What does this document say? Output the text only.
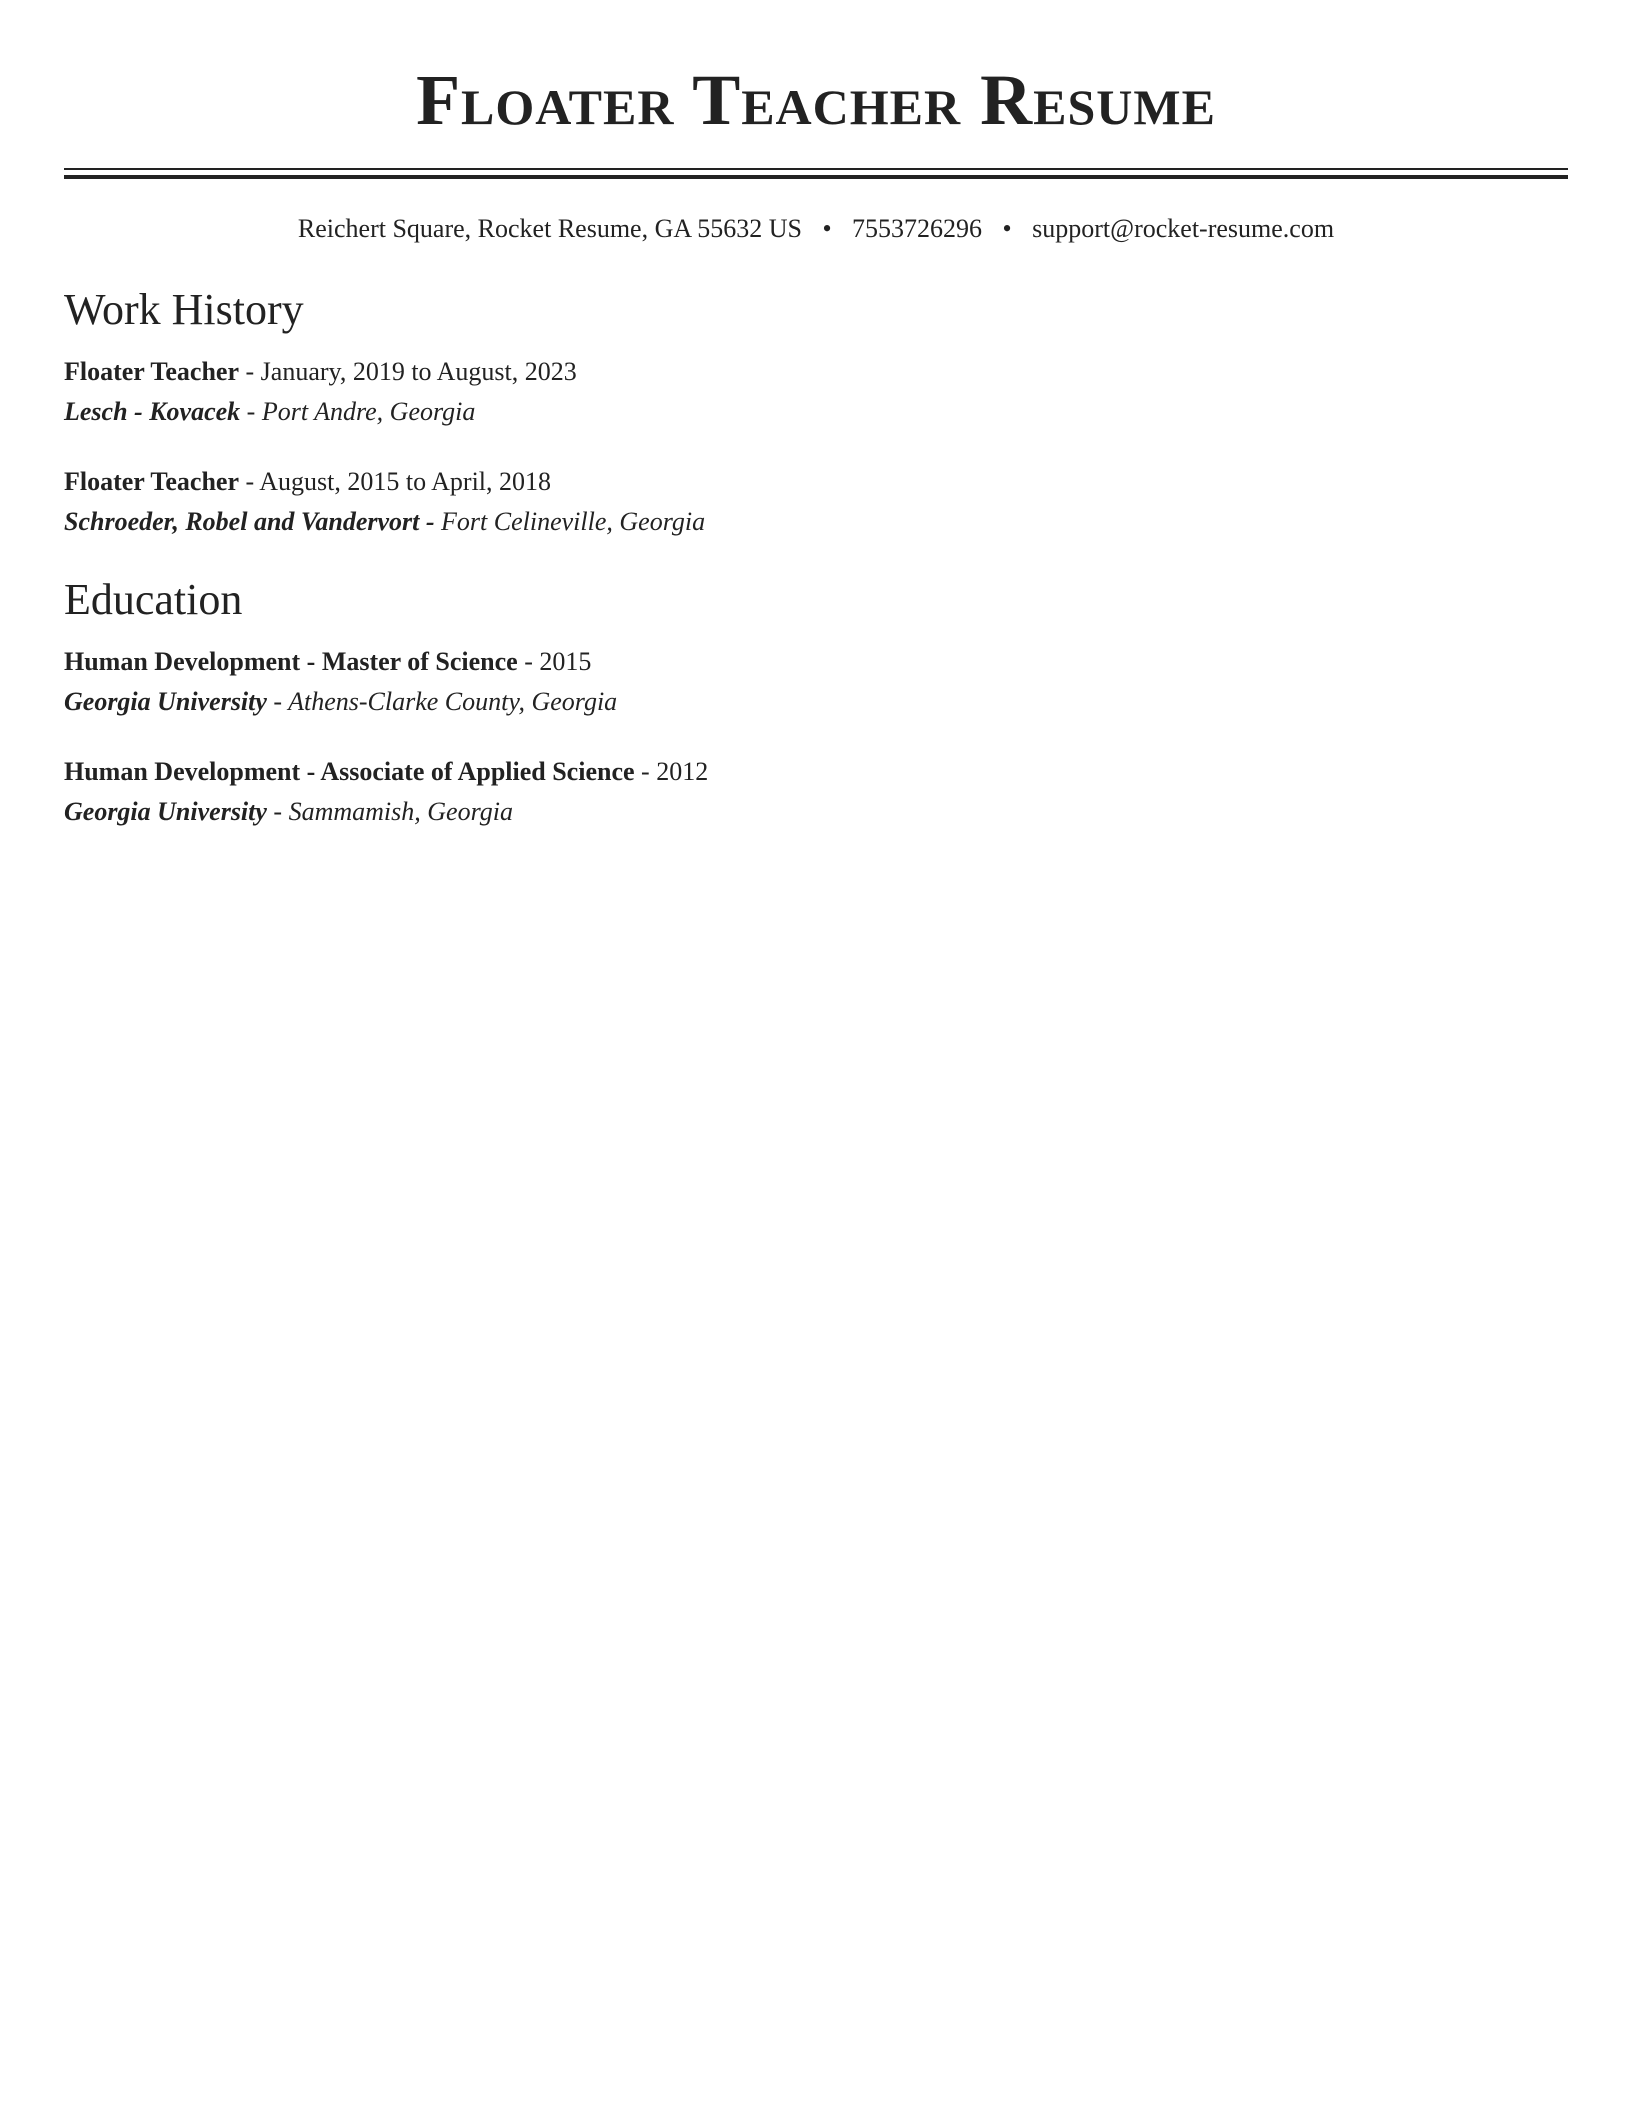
Floater Teacher Resume
Reichert Square, Rocket Resume, GA 55632 US • 7553726296 • support@rocket-resume.com
Work History
Floater Teacher - January, 2019 to August, 2023
Lesch - Kovacek - Port Andre, Georgia
Floater Teacher - August, 2015 to April, 2018
Schroeder, Robel and Vandervort - Fort Celineville, Georgia
Education
Human Development - Master of Science - 2015
Georgia University - Athens-Clarke County, Georgia
Human Development - Associate of Applied Science - 2012
Georgia University - Sammamish, Georgia
